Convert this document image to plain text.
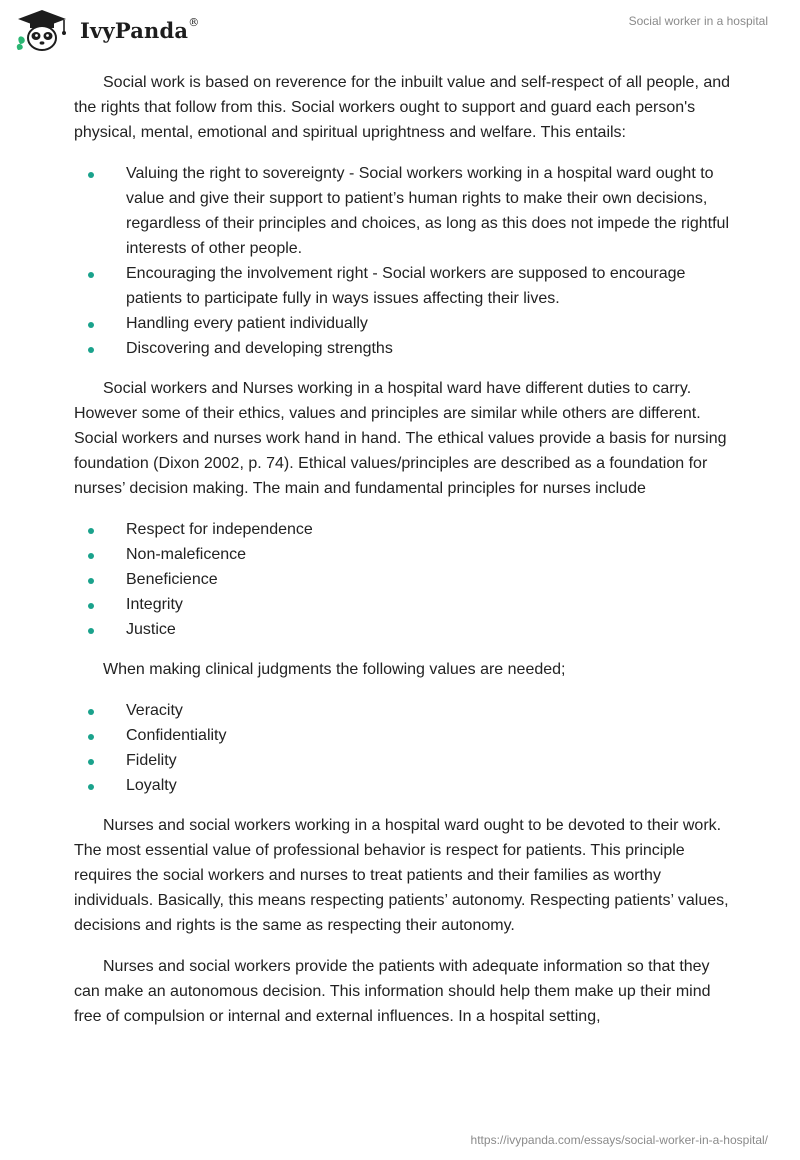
IvyPanda®	Social worker in a hospital

Social work is based on reverence for the inbuilt value and self-respect of all people, and the rights that follow from this. Social workers ought to support and guard each person's physical, mental, emotional and spiritual uprightness and welfare. This entails:

Valuing the right to sovereignty - Social workers working in a hospital ward ought to value and give their support to patient’s human rights to make their own decisions, regardless of their principles and choices, as long as this does not impede the rightful interests of other people.
Encouraging the involvement right - Social workers are supposed to encourage patients to participate fully in ways issues affecting their lives.
Handling every patient individually
Discovering and developing strengths

Social workers and Nurses working in a hospital ward have different duties to carry. However some of their ethics, values and principles are similar while others are different. Social workers and nurses work hand in hand. The ethical values provide a basis for nursing foundation (Dixon 2002, p. 74). Ethical values/principles are described as a foundation for nurses’ decision making. The main and fundamental principles for nurses include

Respect for independence
Non-maleficence
Beneficience
Integrity
Justice

When making clinical judgments the following values are needed;

Veracity
Confidentiality
Fidelity
Loyalty

Nurses and social workers working in a hospital ward ought to be devoted to their work. The most essential value of professional behavior is respect for patients. This principle requires the social workers and nurses to treat patients and their families as worthy individuals. Basically, this means respecting patients’ autonomy. Respecting patients’ values, decisions and rights is the same as respecting their autonomy.

Nurses and social workers provide the patients with adequate information so that they can make an autonomous decision. This information should help them make up their mind free of compulsion or internal and external influences. In a hospital setting,

https://ivypanda.com/essays/social-worker-in-a-hospital/
